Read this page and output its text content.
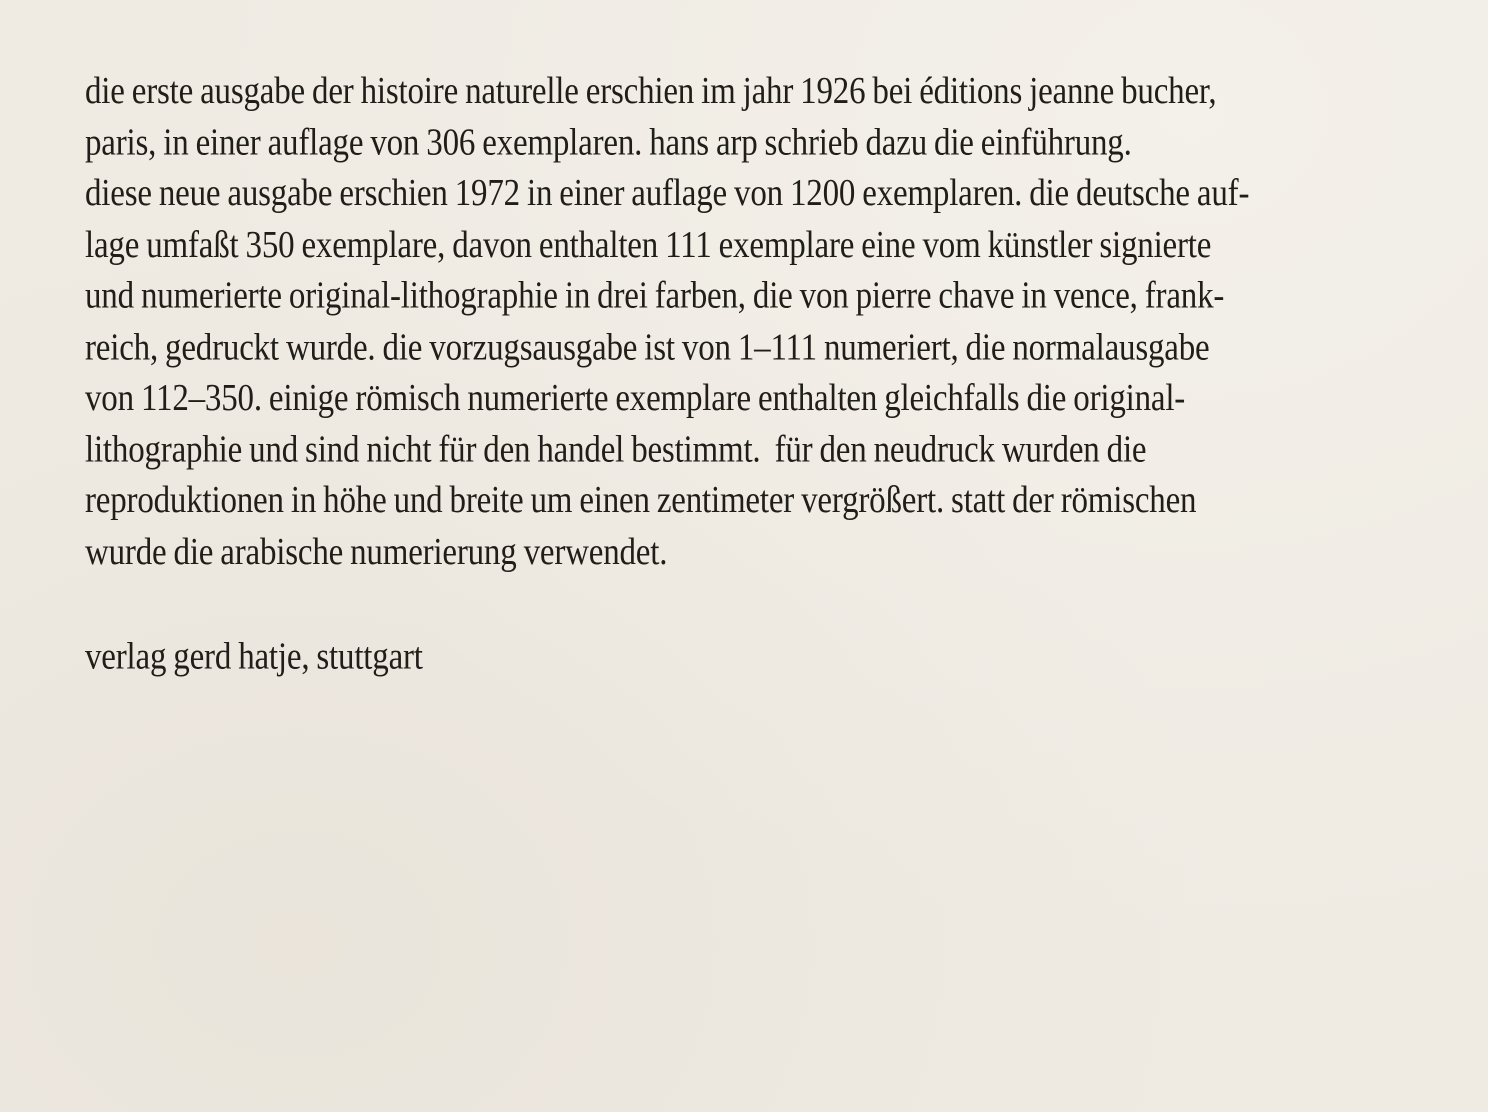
die erste ausgabe der histoire naturelle erschien im jahr 1926 bei éditions jeanne bucher,
paris, in einer auflage von 306 exemplaren. hans arp schrieb dazu die einführung.
diese neue ausgabe erschien 1972 in einer auflage von 1200 exemplaren. die deutsche auf-
lage umfaßt 350 exemplare, davon enthalten 111 exemplare eine vom künstler signierte
und numerierte original-lithographie in drei farben, die von pierre chave in vence, frank-
reich, gedruckt wurde. die vorzugsausgabe ist von 1–111 numeriert, die normalausgabe
von 112–350. einige römisch numerierte exemplare enthalten gleichfalls die original-
lithographie und sind nicht für den handel bestimmt.  für den neudruck wurden die
reproduktionen in höhe und breite um einen zentimeter vergrößert. statt der römischen
wurde die arabische numerierung verwendet.
verlag gerd hatje, stuttgart
